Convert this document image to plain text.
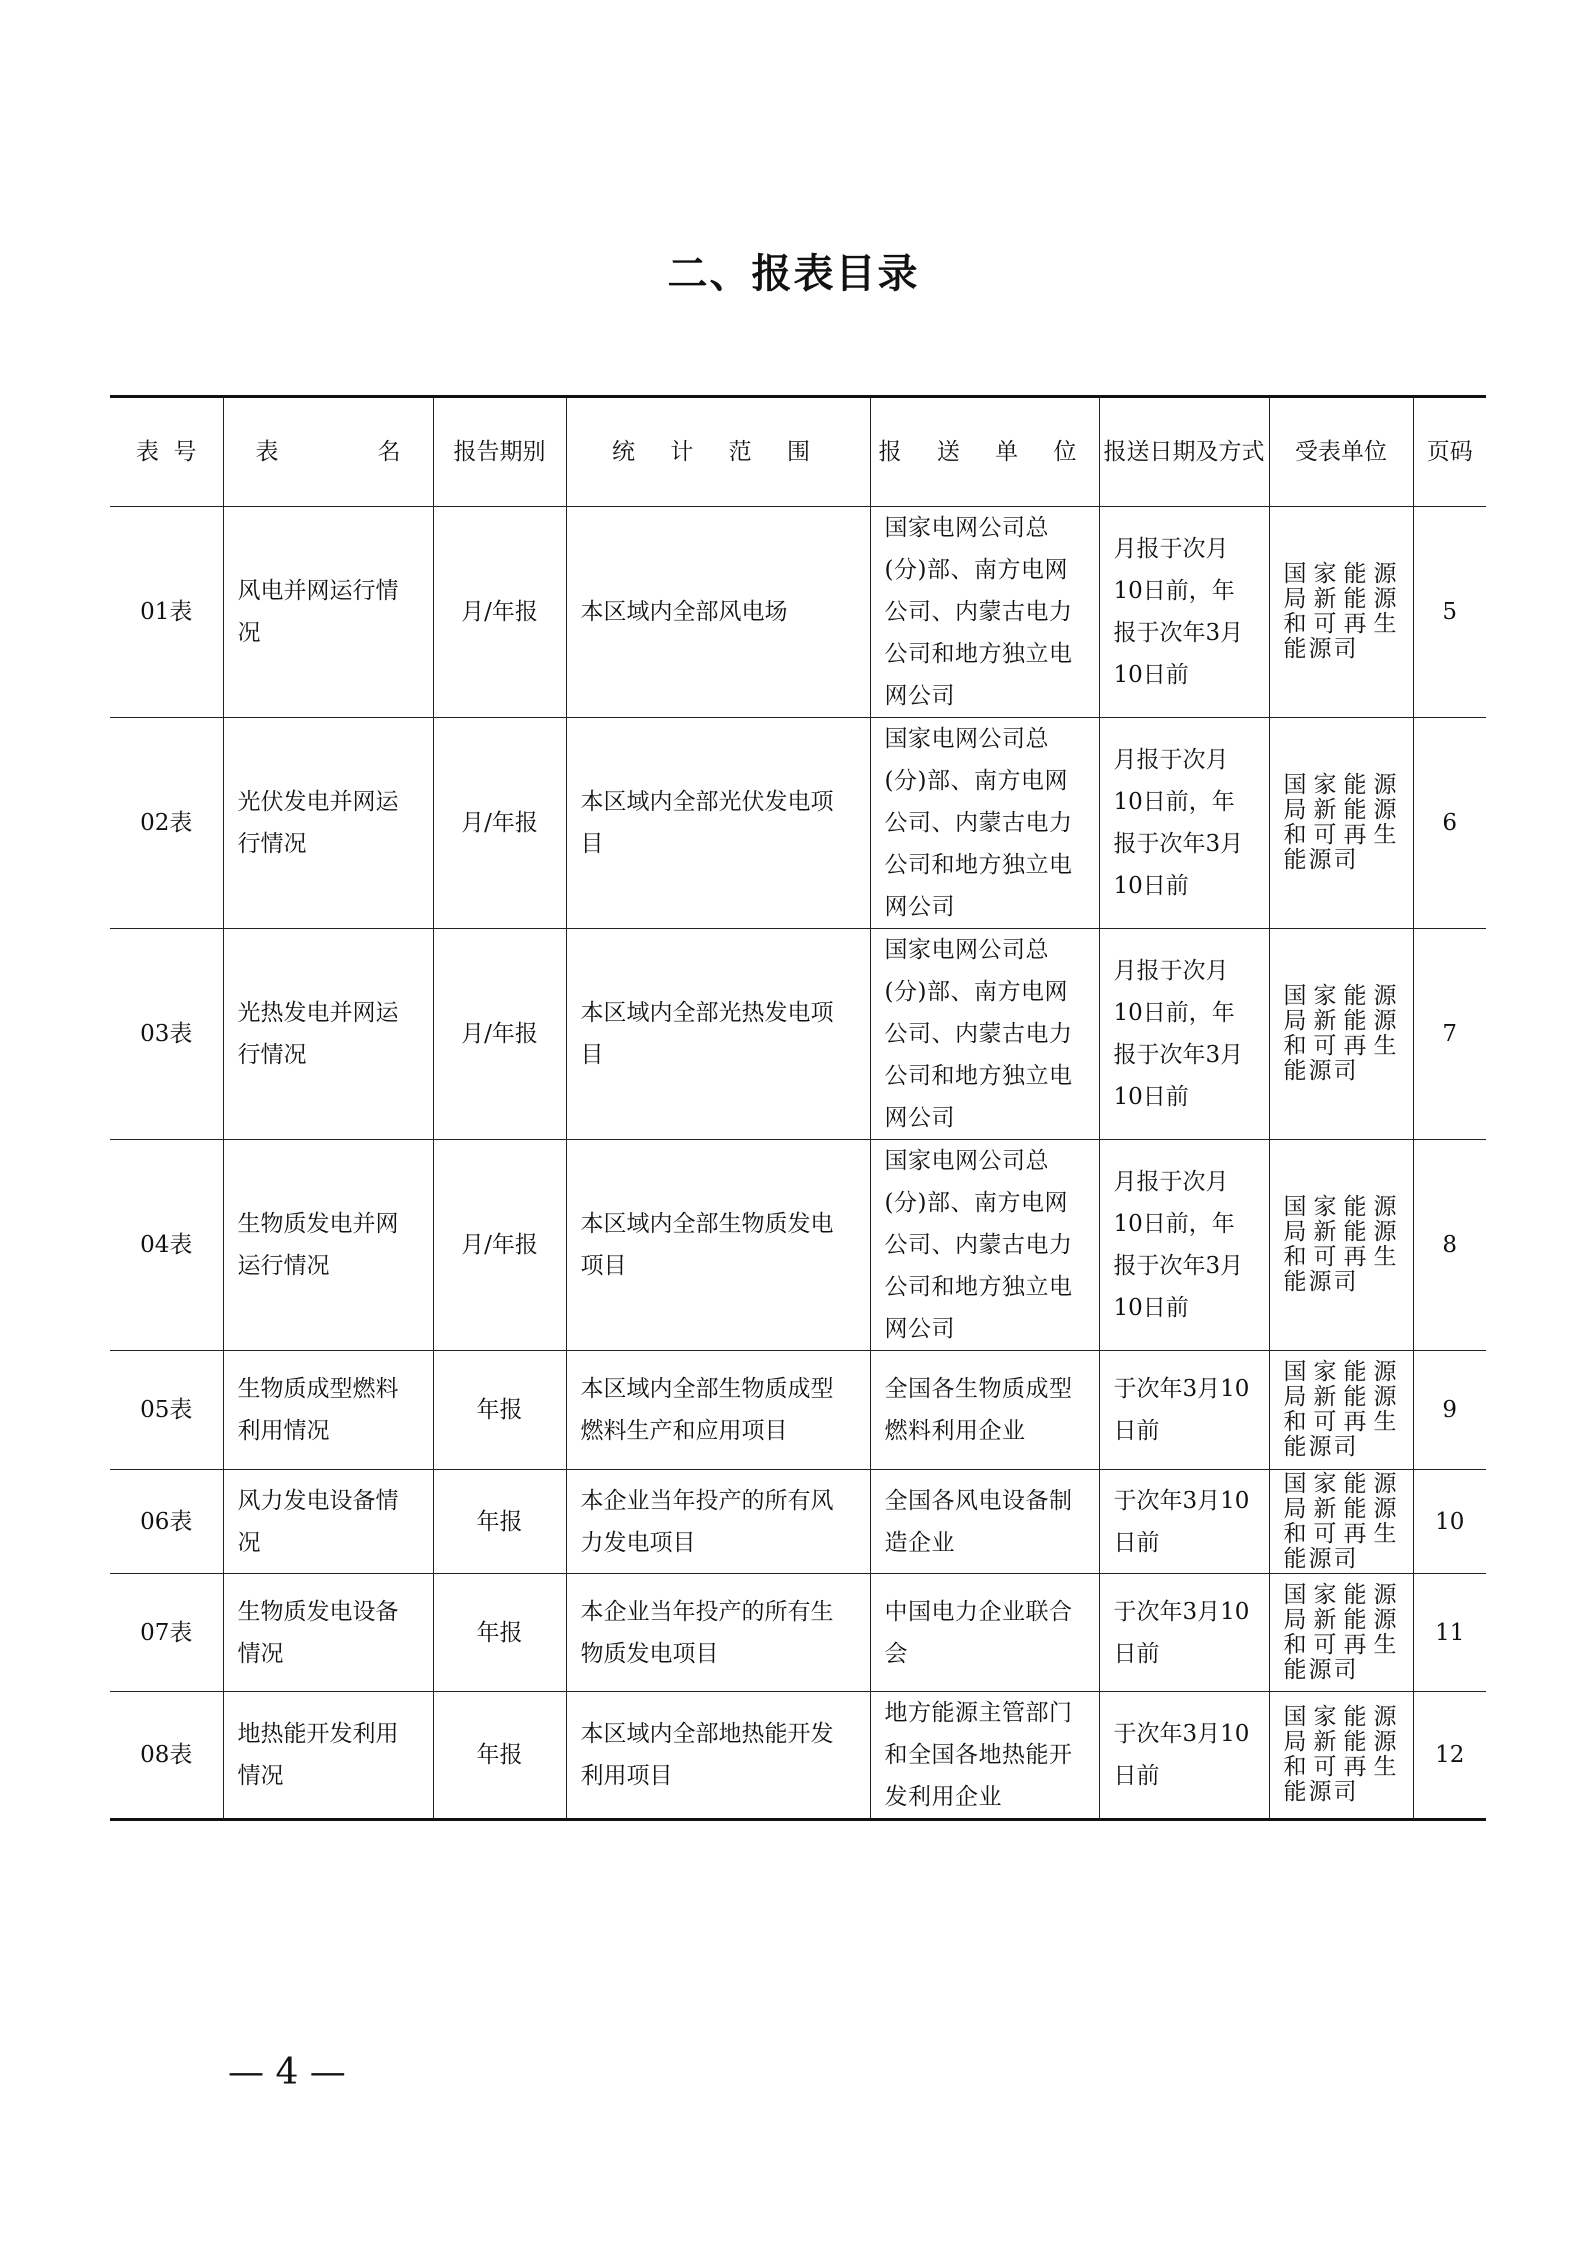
二、报表目录
表  号	表 名	报告期别	统 计 范 围	报 送 单 位	报送日期及方式	受表单位	页码
01表	风电并网运行情况	月/年报	本区域内全部风电场	国家电网公司总(分)部、南方电网公司、内蒙古电力公司和地方独立电网公司	月报于次月10日前，年报于次年3月10日前	国家能源局新能源和可再生能源司	5
02表	光伏发电并网运行情况	月/年报	本区域内全部光伏发电项目	国家电网公司总(分)部、南方电网公司、内蒙古电力公司和地方独立电网公司	月报于次月10日前，年报于次年3月10日前	国家能源局新能源和可再生能源司	6
03表	光热发电并网运行情况	月/年报	本区域内全部光热发电项目	国家电网公司总(分)部、南方电网公司、内蒙古电力公司和地方独立电网公司	月报于次月10日前，年报于次年3月10日前	国家能源局新能源和可再生能源司	7
04表	生物质发电并网运行情况	月/年报	本区域内全部生物质发电项目	国家电网公司总(分)部、南方电网公司、内蒙古电力公司和地方独立电网公司	月报于次月10日前，年报于次年3月10日前	国家能源局新能源和可再生能源司	8
05表	生物质成型燃料利用情况	年报	本区域内全部生物质成型燃料生产和应用项目	全国各生物质成型燃料利用企业	于次年3月10日前	国家能源局新能源和可再生能源司	9
06表	风力发电设备情况	年报	本企业当年投产的所有风力发电项目	全国各风电设备制造企业	于次年3月10日前	国家能源局新能源和可再生能源司	10
07表	生物质发电设备情况	年报	本企业当年投产的所有生物质发电项目	中国电力企业联合会	于次年3月10日前	国家能源局新能源和可再生能源司	11
08表	地热能开发利用情况	年报	本区域内全部地热能开发利用项目	地方能源主管部门和全国各地热能开发利用企业	于次年3月10日前	国家能源局新能源和可再生能源司	12
— 4 —
